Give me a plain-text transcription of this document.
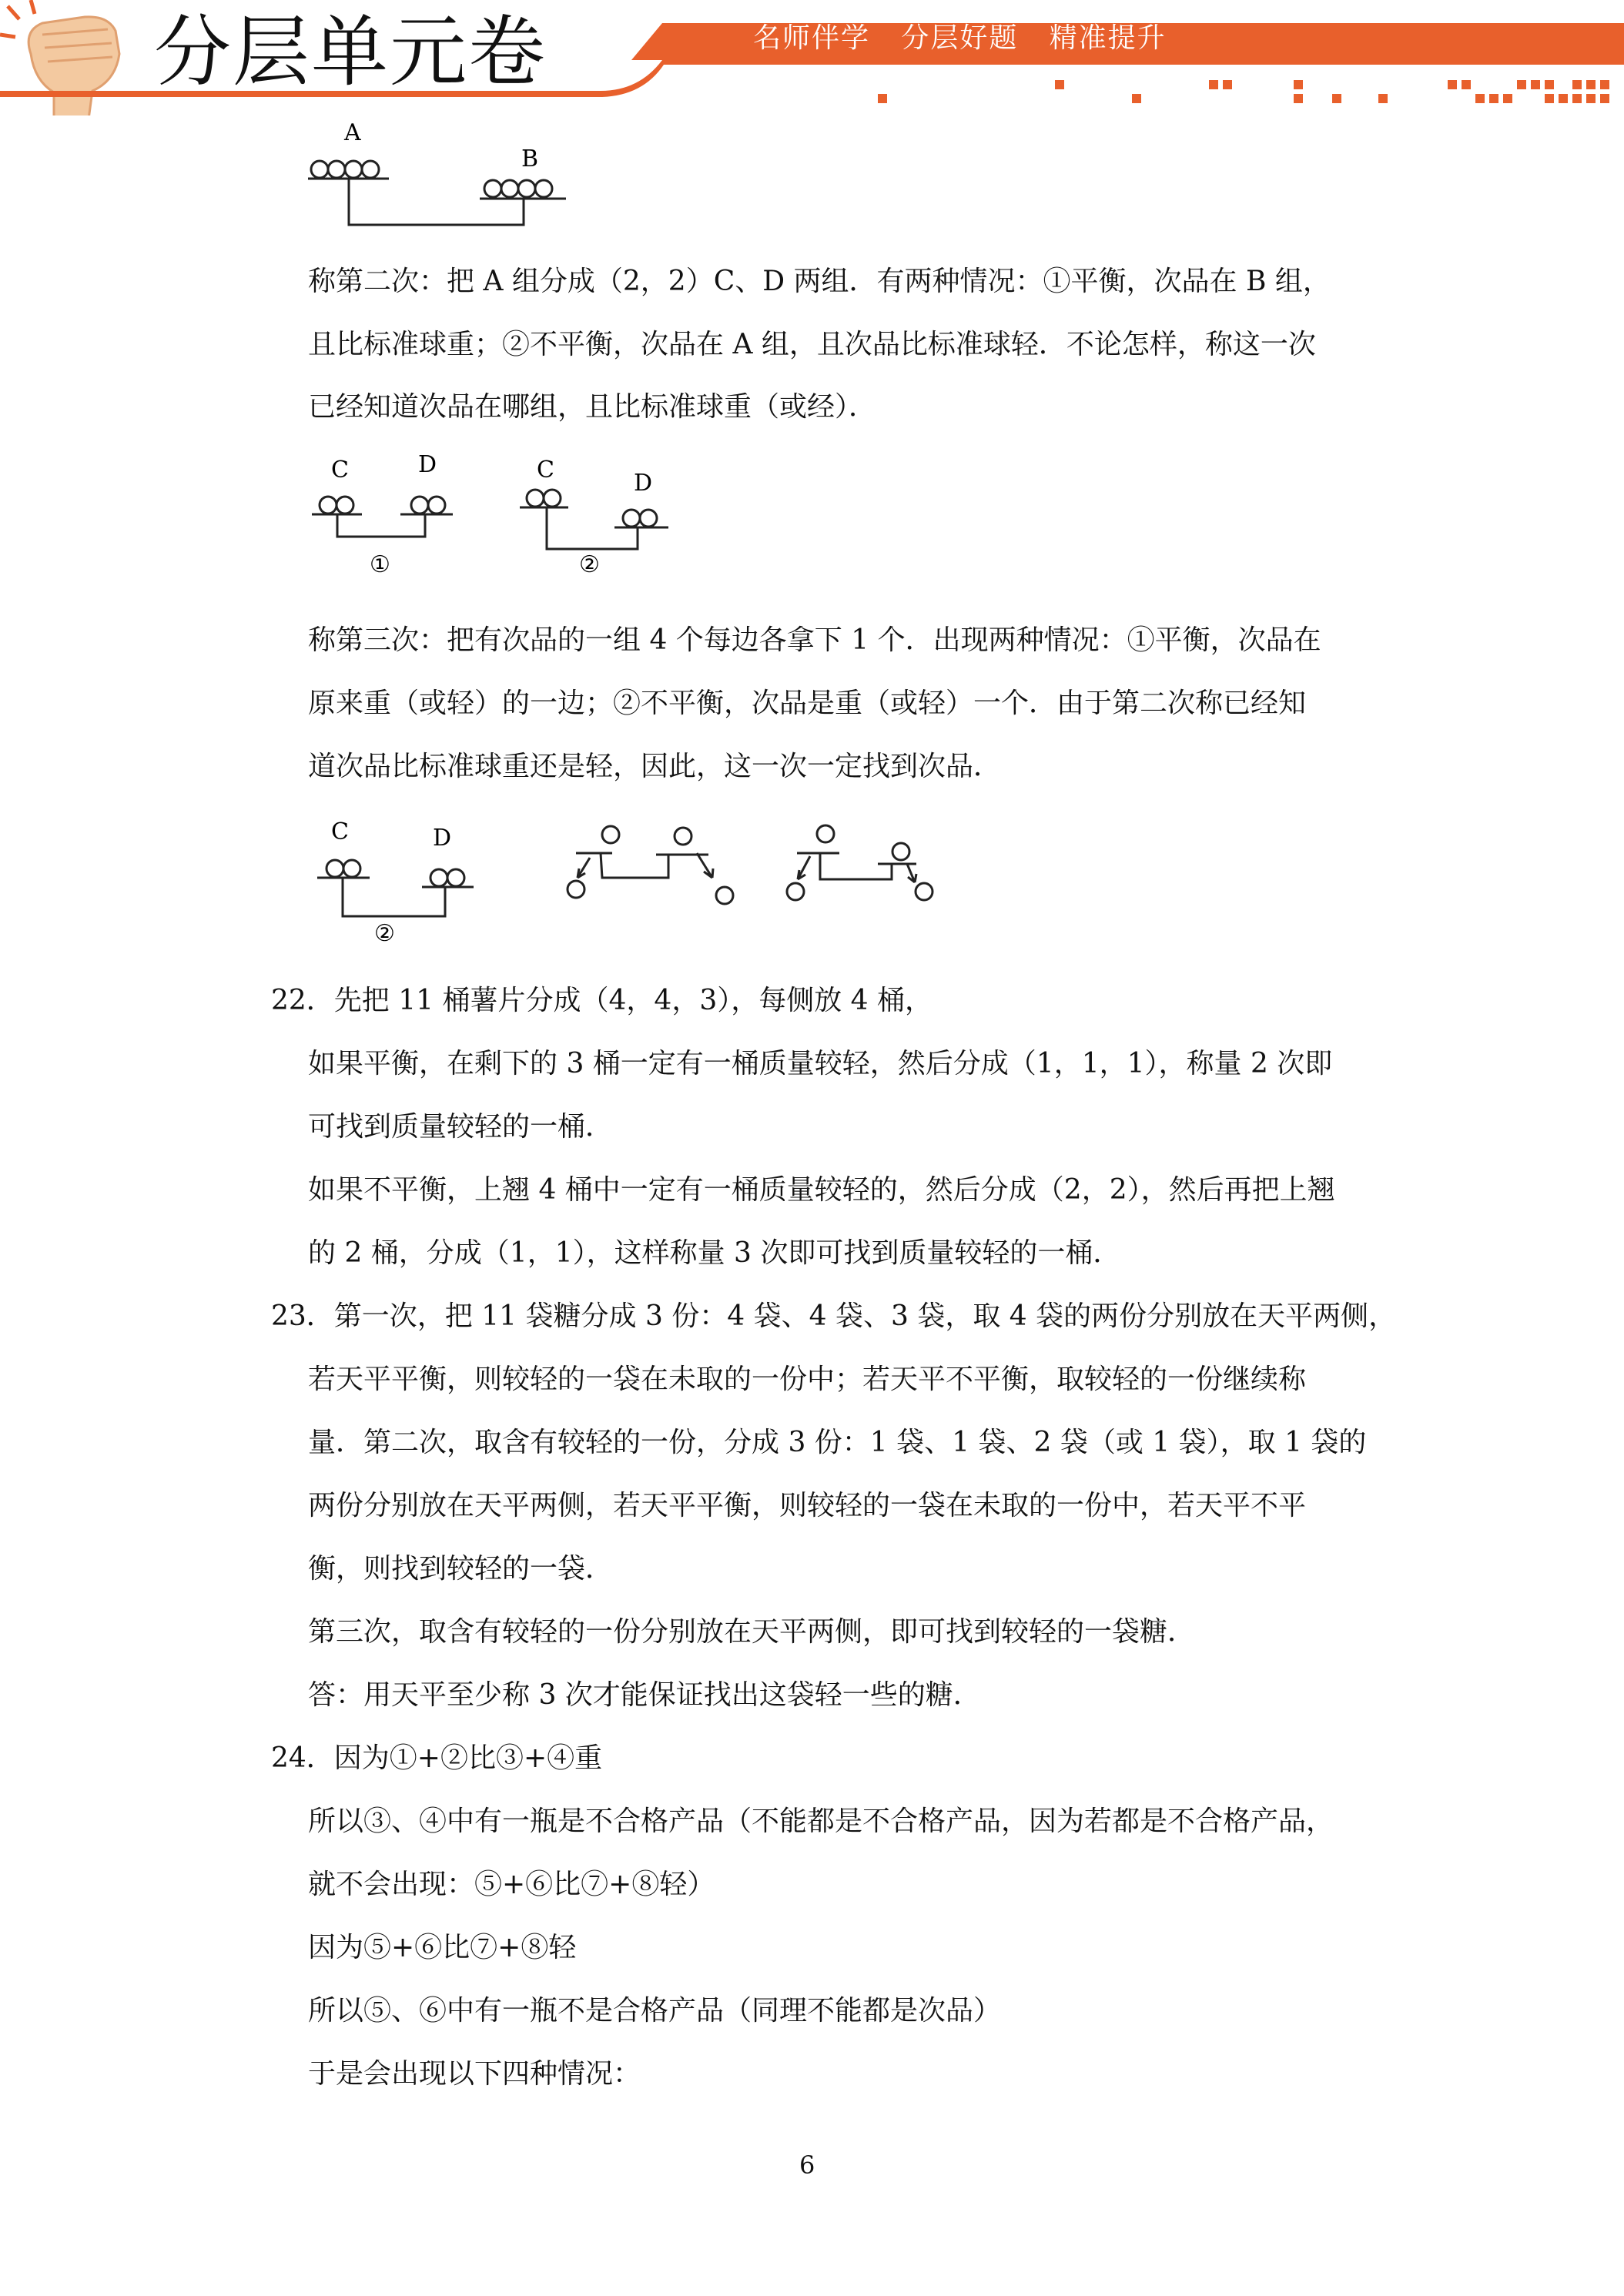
分层单元卷	名师伴学   分层好题   精准提升
A
B
称第二次：把 A 组分成（2，2）C、D 两组．有两种情况：①平衡，次品在 B 组，
且比标准球重；②不平衡，次品在 A 组，且次品比标准球轻．不论怎样，称这一次
已经知道次品在哪组，且比标准球重（或经）．
C	D
①
C	D
②
称第三次：把有次品的一组 4 个每边各拿下 1 个．出现两种情况：①平衡，次品在
原来重（或轻）的一边；②不平衡，次品是重（或轻）一个．由于第二次称已经知
道次品比标准球重还是轻，因此，这一次一定找到次品．
C	D
②
22．先把 11 桶薯片分成（4，4，3），每侧放 4 桶，
如果平衡，在剩下的 3 桶一定有一桶质量较轻，然后分成（1，1，1），称量 2 次即
可找到质量较轻的一桶．
如果不平衡，上翘 4 桶中一定有一桶质量较轻的，然后分成（2，2），然后再把上翘
的 2 桶，分成（1，1），这样称量 3 次即可找到质量较轻的一桶．
23．第一次，把 11 袋糖分成 3 份：4 袋、4 袋、3 袋，取 4 袋的两份分别放在天平两侧，
若天平平衡，则较轻的一袋在未取的一份中；若天平不平衡，取较轻的一份继续称
量．第二次，取含有较轻的一份，分成 3 份：1 袋、1 袋、2 袋（或 1 袋），取 1 袋的
两份分别放在天平两侧，若天平平衡，则较轻的一袋在未取的一份中，若天平不平
衡，则找到较轻的一袋．
第三次，取含有较轻的一份分别放在天平两侧，即可找到较轻的一袋糖．
答：用天平至少称 3 次才能保证找出这袋轻一些的糖．
24．因为①+②比③+④重
所以③、④中有一瓶是不合格产品（不能都是不合格产品，因为若都是不合格产品，
就不会出现：⑤+⑥比⑦+⑧轻）
因为⑤+⑥比⑦+⑧轻
所以⑤、⑥中有一瓶不是合格产品（同理不能都是次品）
于是会出现以下四种情况：
6
